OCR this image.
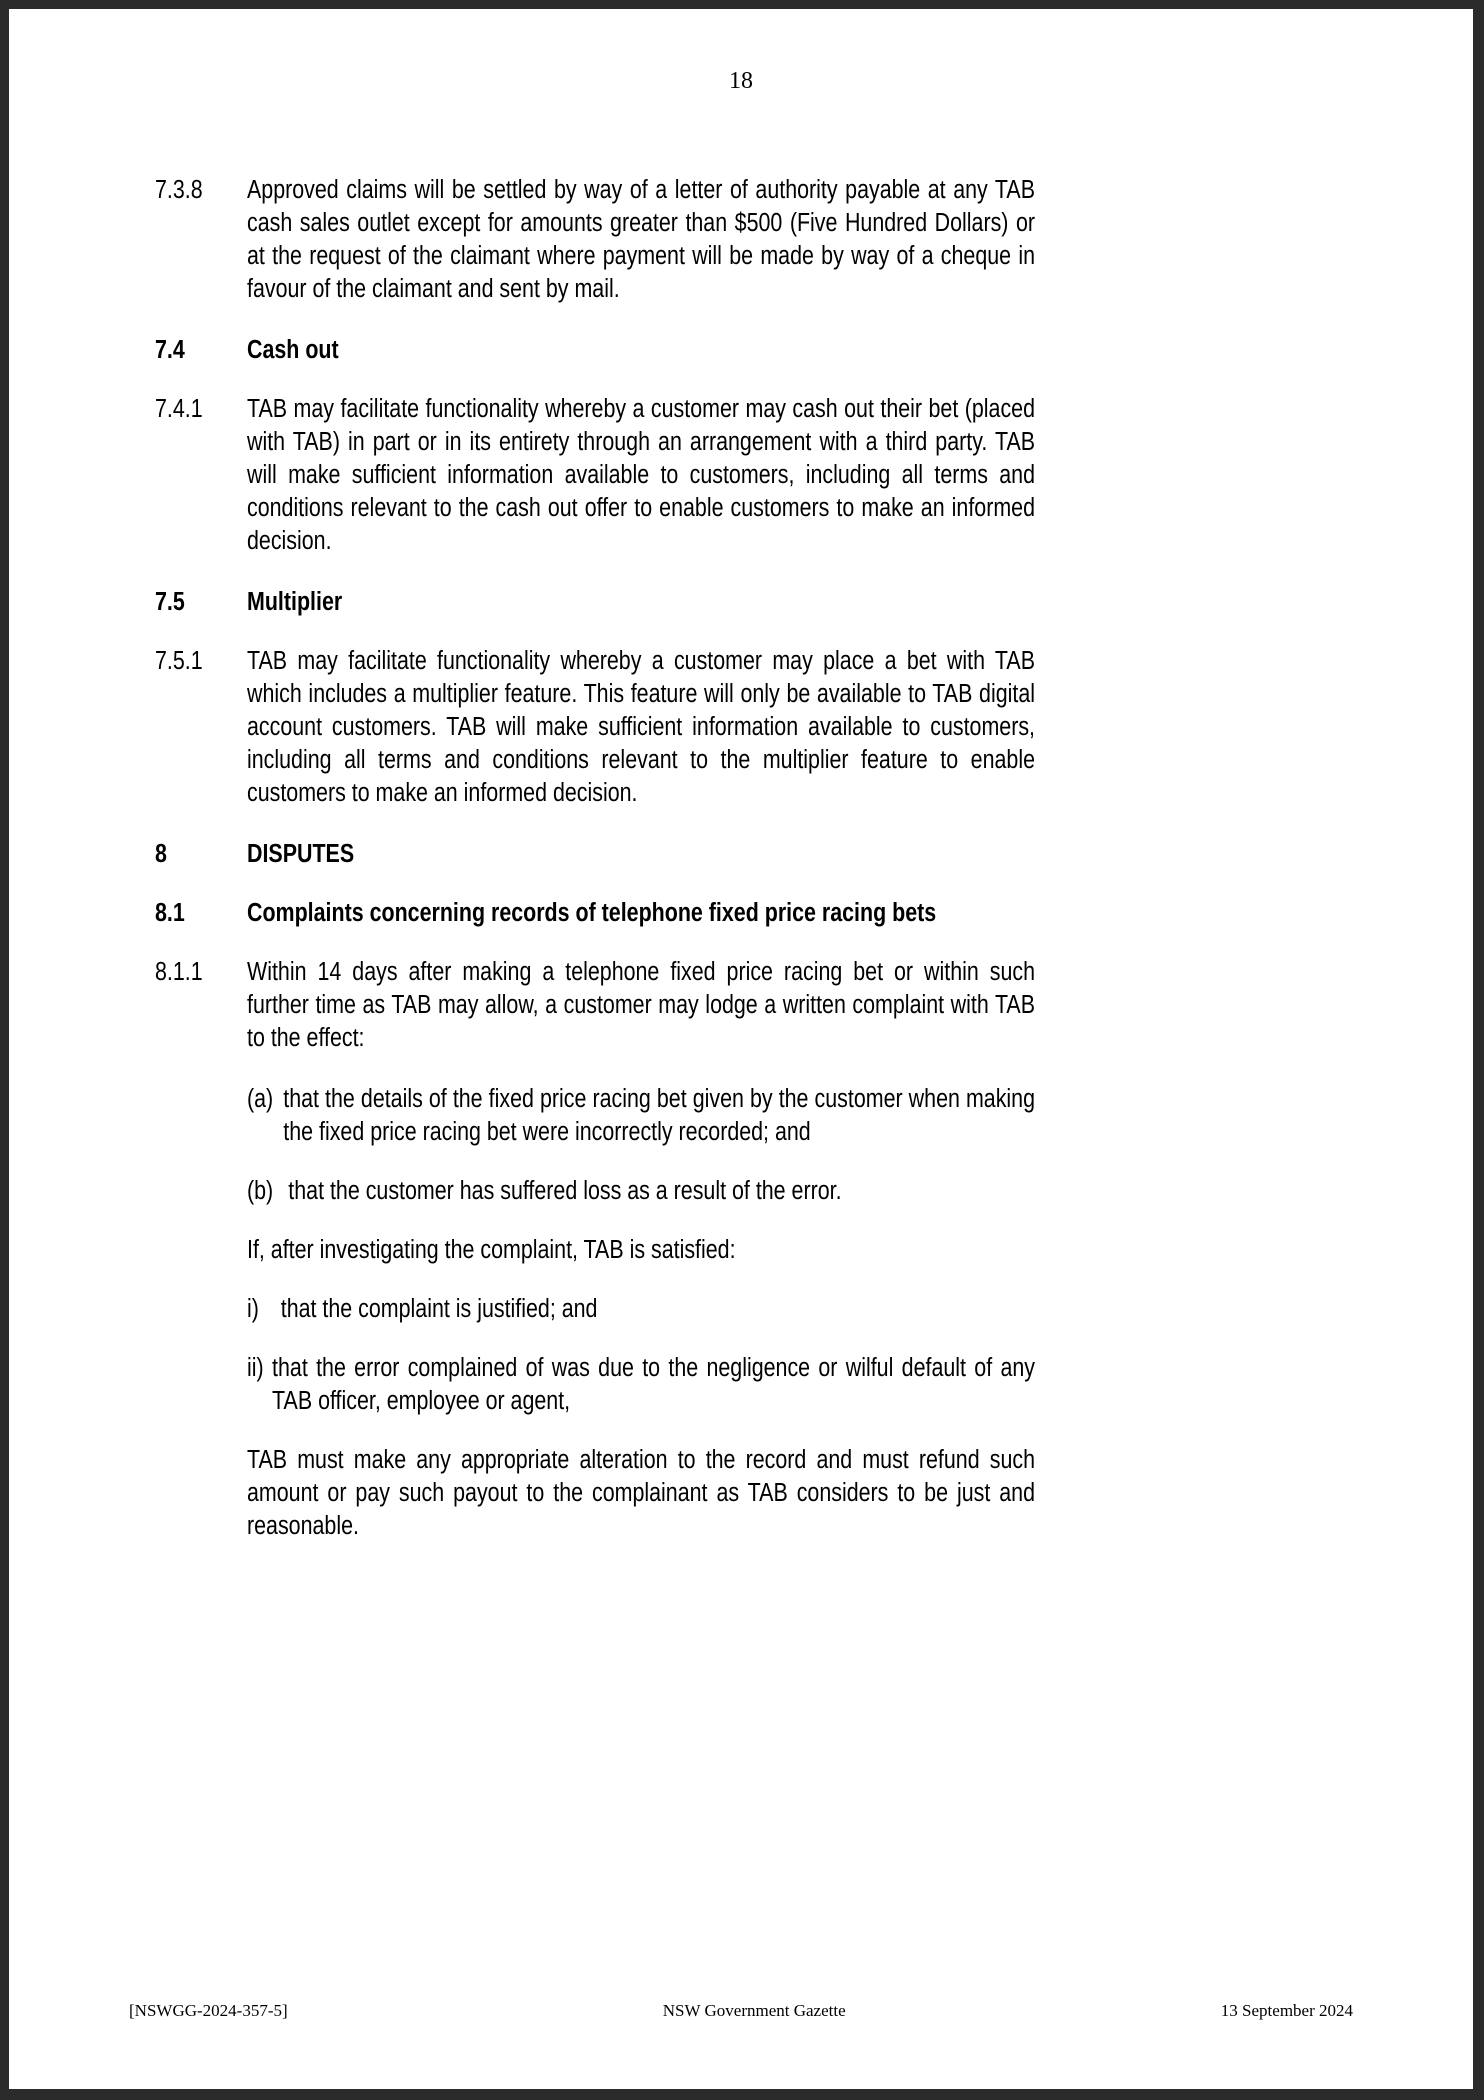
18
7.3.8	Approved claims will be settled by way of a letter of authority payable at any TAB cash sales outlet except for amounts greater than $500 (Five Hundred Dollars) or at the request of the claimant where payment will be made by way of a cheque in favour of the claimant and sent by mail.

7.4	Cash out

7.4.1	TAB may facilitate functionality whereby a customer may cash out their bet (placed with TAB) in part or in its entirety through an arrangement with a third party. TAB will make sufficient information available to customers, including all terms and conditions relevant to the cash out offer to enable customers to make an informed decision.

7.5	Multiplier

7.5.1	TAB may facilitate functionality whereby a customer may place a bet with TAB which includes a multiplier feature. This feature will only be available to TAB digital account customers. TAB will make sufficient information available to customers, including all terms and conditions relevant to the multiplier feature to enable customers to make an informed decision.

8	DISPUTES

8.1	Complaints concerning records of telephone fixed price racing bets

8.1.1	Within 14 days after making a telephone fixed price racing bet or within such further time as TAB may allow, a customer may lodge a written complaint with TAB to the effect:

(a) that the details of the fixed price racing bet given by the customer when making the fixed price racing bet were incorrectly recorded; and
(b) that the customer has suffered loss as a result of the error.

If, after investigating the complaint, TAB is satisfied:

i) that the complaint is justified; and
ii) that the error complained of was due to the negligence or wilful default of any TAB officer, employee or agent,

TAB must make any appropriate alteration to the record and must refund such amount or pay such payout to the complainant as TAB considers to be just and reasonable.

[NSWGG-2024-357-5]	NSW Government Gazette	13 September 2024
